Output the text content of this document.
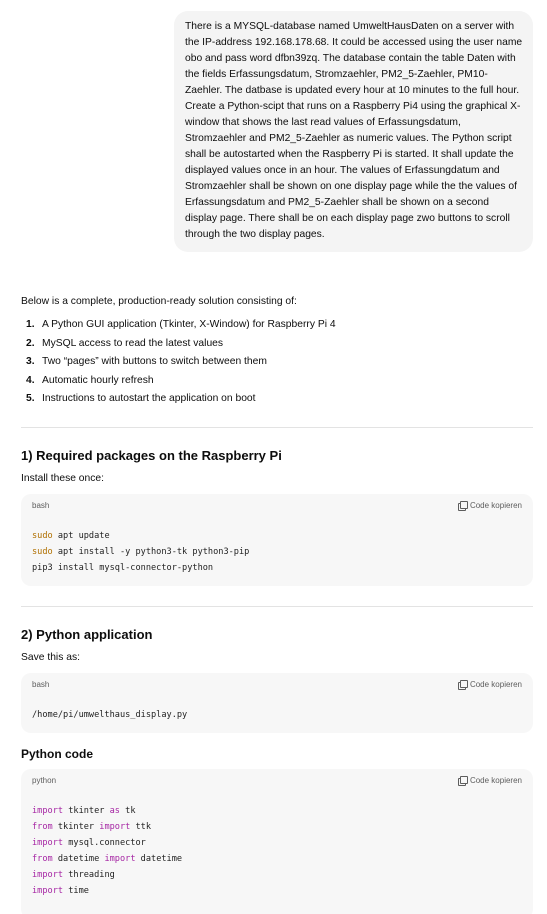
There is a MYSQL-database named UmweltHausDaten on a server with the IP-address 192.168.178.68. It could be accessed using the user name obo and pass word dfbn39zq. The database contain the table Daten with the fields Erfassungsdatum, Stromzaehler, PM2_5-Zaehler, PM10-Zaehler. The datbase is updated every hour at 10 minutes to the full hour.

Create a Python-scipt that runs on a Raspberry Pi4 using the graphical X-window that shows the last read values of Erfassungsdatum, Stromzaehler and PM2_5-Zaehler as numeric values. The Python script shall be autostarted when the Raspberry Pi is started. It shall update the displayed values once in an hour. The values of Erfassungdatum and Stromzaehler shall be shown on one display page while the the values of Erfassungsdatum and PM2_5-Zaehler shall be shown on a second display page. There shall be on each display page zwo buttons to scroll through the two display pages.

Below is a complete, production-ready solution consisting of:

1. A Python GUI application (Tkinter, X-Window) for Raspberry Pi 4
2. MySQL access to read the latest values
3. Two “pages” with buttons to switch between them
4. Automatic hourly refresh
5. Instructions to autostart the application on boot
1) Required packages on the Raspberry Pi

Install these once:

bash	Code kopieren
sudo apt update
sudo apt install -y python3-tk python3-pip
pip3 install mysql-connector-python
2) Python application

Save this as:

bash	Code kopieren
/home/pi/umwelthaus_display.py
Python code
python	Code kopieren
import tkinter as tk
from tkinter import ttk
import mysql.connector
from datetime import datetime
import threading
import time
